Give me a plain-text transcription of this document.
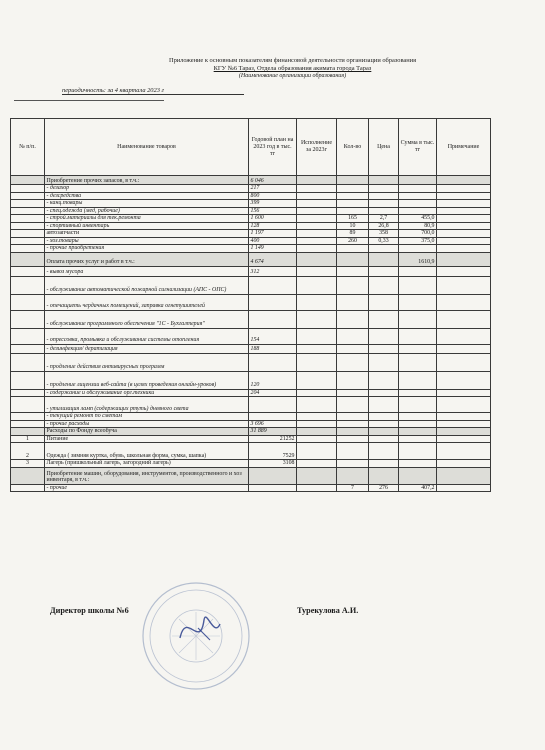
Приложение к основным показателям финансовой деятельности организации образования
КГУ №6 Тараз, Отдела образования акимата города Тараз
(Наименование организации образования)
периодичность: за 4 квартала 2023 г
№ п/п.	Наименование товаров	Годовой план на 2023 год в тыс. тг	Исполнение за 2023г	Кол-во	Цена	Сумма в тыс. тг	Примечание
	Приобретение прочих запасов, в т.ч.:	6 046					
	- дезахор	217					
	- дезсредства	800					
	- канц.товары	399					
	- спец.одежда (мед, рабочие)	156					
	- строй.материалы для тек.ремонта	1 600		165	2,7	455,0	
	- спортивный инвентарь	128		10	26,8	80,9	
	автозапчасти	1 197		89	358	700,0	
	- хоз.товары	400		260	0,33	375,0	
	- прочие приобретения	1 149					
	Оплата прочих услуг и работ в т.ч.:	4 674				1610,9	
	- вывоз мусора	312					
	- обслуживание автоматической пожарной сигнализации (АПС - ОПС)						
	- опечащиеть чердачных помещений, заправка огнетушителей						
	- обслуживание программного обеспечения "1С - Бухгалтерия"						
	- опрессовка, промывка и обслуживание системы отопления	154					
	- дезинфекция/ дератизация	188					
	- продление действия антивирусных программ						
	- продление лицензии веб-сайта (в целях проведения онлайн-уроков)	120					
	- содержание и обслуживание орг.техники	204					
	- утилизация ламп (содержащих ртуть) дневного света						
	- текущий ремонт по сметам						
	- прочие расходы	3 696					
	Расходы по Фонду всеобуча	31 889					
1	Питание	21252					
2	Одежда ( зимняя куртка, обувь, школьная форма, сумка, шапка)	7529					
3	Лагерь (пришкольный лагерь, загородний лагерь)	3108					
	Приобретение машин, оборудования, инструментов, производственного и хоз инвентаря, в т.ч.:						
	- прочие			7	276	407,2	
Директор школы №6	Турекулова А.И.
